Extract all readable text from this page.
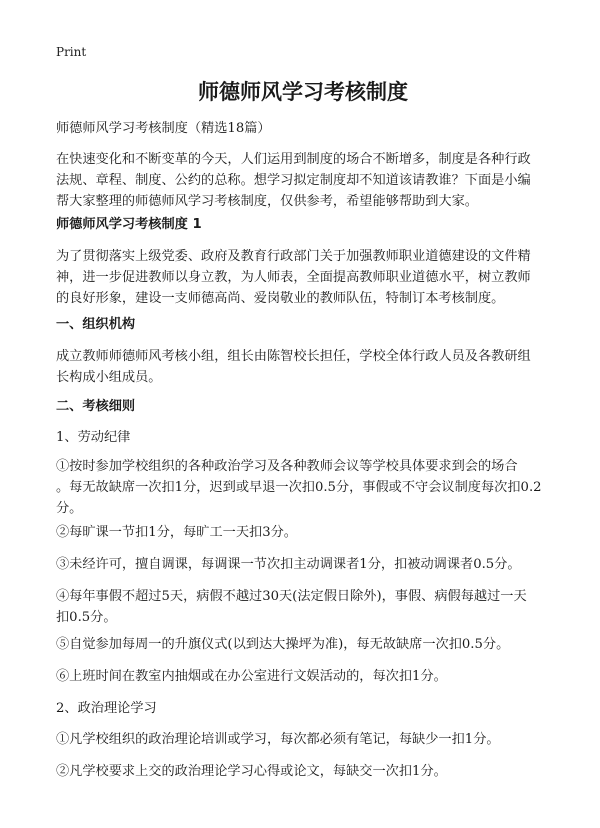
Print
师德师风学习考核制度
师德师风学习考核制度（精选18篇）
在快速变化和不断变革的今天，人们运用到制度的场合不断增多，制度是各种行政
法规、章程、制度、公约的总称。想学习拟定制度却不知道该请教谁？下面是小编
帮大家整理的师德师风学习考核制度，仅供参考，希望能够帮助到大家。
师德师风学习考核制度 1
为了贯彻落实上级党委、政府及教育行政部门关于加强教师职业道德建设的文件精
神，进一步促进教师以身立教，为人师表，全面提高教师职业道德水平，树立教师
的良好形象，建设一支师德高尚、爱岗敬业的教师队伍，特制订本考核制度。
一、组织机构
成立教师师德师风考核小组，组长由陈智校长担任，学校全体行政人员及各教研组
长构成小组成员。
二、考核细则
1、劳动纪律
①按时参加学校组织的各种政治学习及各种教师会议等学校具体要求到会的场合
。每无故缺席一次扣1分，迟到或早退一次扣0.5分，事假或不守会议制度每次扣0.2
分。
②每旷课一节扣1分，每旷工一天扣3分。
③未经许可，擅自调课，每调课一节次扣主动调课者1分，扣被动调课者0.5分。
④每年事假不超过5天，病假不越过30天(法定假日除外)，事假、病假每越过一天
扣0.5分。
⑤自觉参加每周一的升旗仪式(以到达大操坪为准)，每无故缺席一次扣0.5分。
⑥上班时间在教室内抽烟或在办公室进行文娱活动的，每次扣1分。
2、政治理论学习
①凡学校组织的政治理论培训或学习，每次都必须有笔记，每缺少一扣1分。
②凡学校要求上交的政治理论学习心得或论文，每缺交一次扣1分。
